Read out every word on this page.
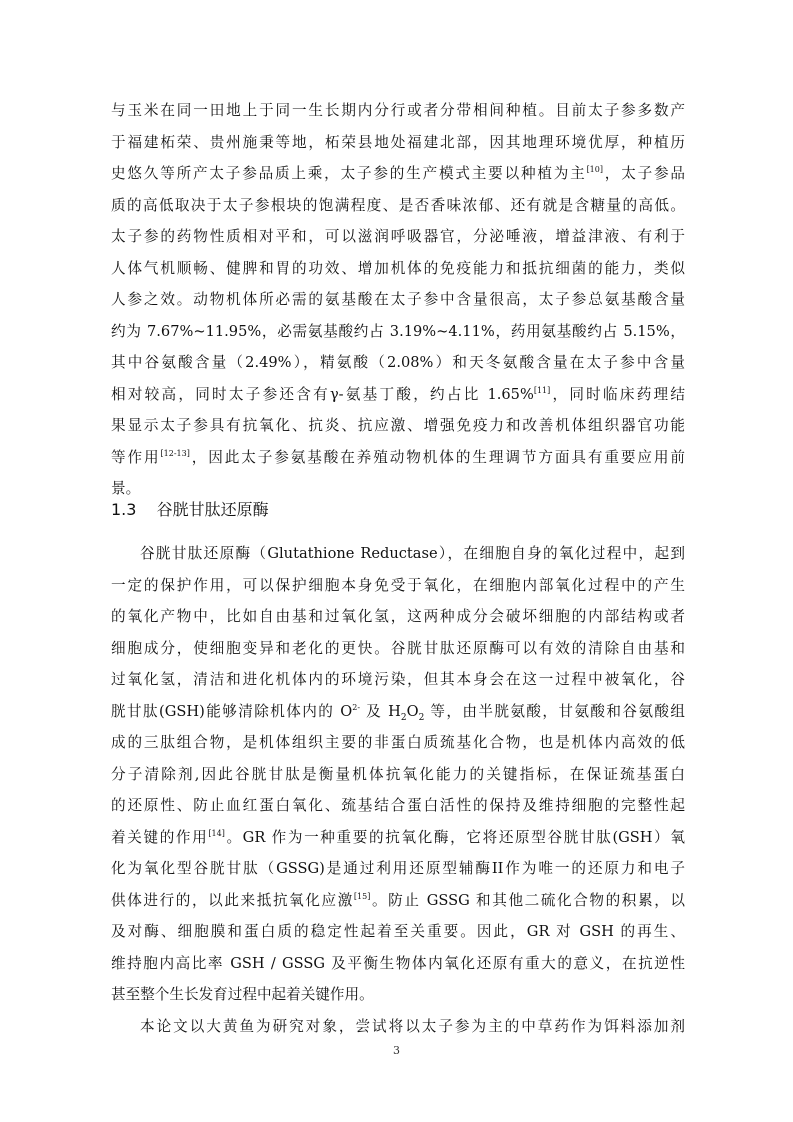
与玉米在同一田地上于同一生长期内分行或者分带相间种植。目前太子参多数产
于福建柘荣、贵州施秉等地，柘荣县地处福建北部，因其地理环境优厚，种植历
史悠久等所产太子参品质上乘，太子参的生产模式主要以种植为主[10]，太子参品
质的高低取决于太子参根块的饱满程度、是否香味浓郁、还有就是含糖量的高低。
太子参的药物性质相对平和，可以滋润呼吸器官，分泌唾液，增益津液、有利于
人体气机顺畅、健脾和胃的功效、增加机体的免疫能力和抵抗细菌的能力，类似
人参之效。动物机体所必需的氨基酸在太子参中含量很高，太子参总氨基酸含量
约为 7.67%~11.95%，必需氨基酸约占 3.19%~4.11%，药用氨基酸约占 5.15%，
其中谷氨酸含量（2.49%），精氨酸（2.08%）和天冬氨酸含量在太子参中含量
相对较高，同时太子参还含有γ-氨基丁酸，约占比 1.65%[11]，同时临床药理结
果显示太子参具有抗氧化、抗炎、抗应激、增强免疫力和改善机体组织器官功能
等作用[12-13]，因此太子参氨基酸在养殖动物机体的生理调节方面具有重要应用前
景。
1.3 谷胱甘肽还原酶
谷胱甘肽还原酶（Glutathione Reductase），在细胞自身的氧化过程中，起到
一定的保护作用，可以保护细胞本身免受于氧化，在细胞内部氧化过程中的产生
的氧化产物中，比如自由基和过氧化氢，这两种成分会破坏细胞的内部结构或者
细胞成分，使细胞变异和老化的更快。谷胱甘肽还原酶可以有效的清除自由基和
过氧化氢，清洁和进化机体内的环境污染，但其本身会在这一过程中被氧化，谷
胱甘肽(GSH)能够清除机体内的 $O^{2-}$ 及 $H_2O_2$ 等，由半胱氨酸，甘氨酸和谷氨酸组
成的三肽组合物，是机体组织主要的非蛋白质巯基化合物，也是机体内高效的低
分子清除剂,因此谷胱甘肽是衡量机体抗氧化能力的关键指标，在保证巯基蛋白
的还原性、防止血红蛋白氧化、巯基结合蛋白活性的保持及维持细胞的完整性起
着关键的作用[14]。GR 作为一种重要的抗氧化酶，它将还原型谷胱甘肽(GSH）氧
化为氧化型谷胱甘肽（GSSG)是通过利用还原型辅酶II作为唯一的还原力和电子
供体进行的，以此来抵抗氧化应激[15]。防止 GSSG 和其他二硫化合物的积累，以
及对酶、细胞膜和蛋白质的稳定性起着至关重要。因此，GR 对 GSH 的再生、
维持胞内高比率 GSH / GSSG 及平衡生物体内氧化还原有重大的意义，在抗逆性
甚至整个生长发育过程中起着关键作用。
本论文以大黄鱼为研究对象，尝试将以太子参为主的中草药作为饵料添加剂
3
